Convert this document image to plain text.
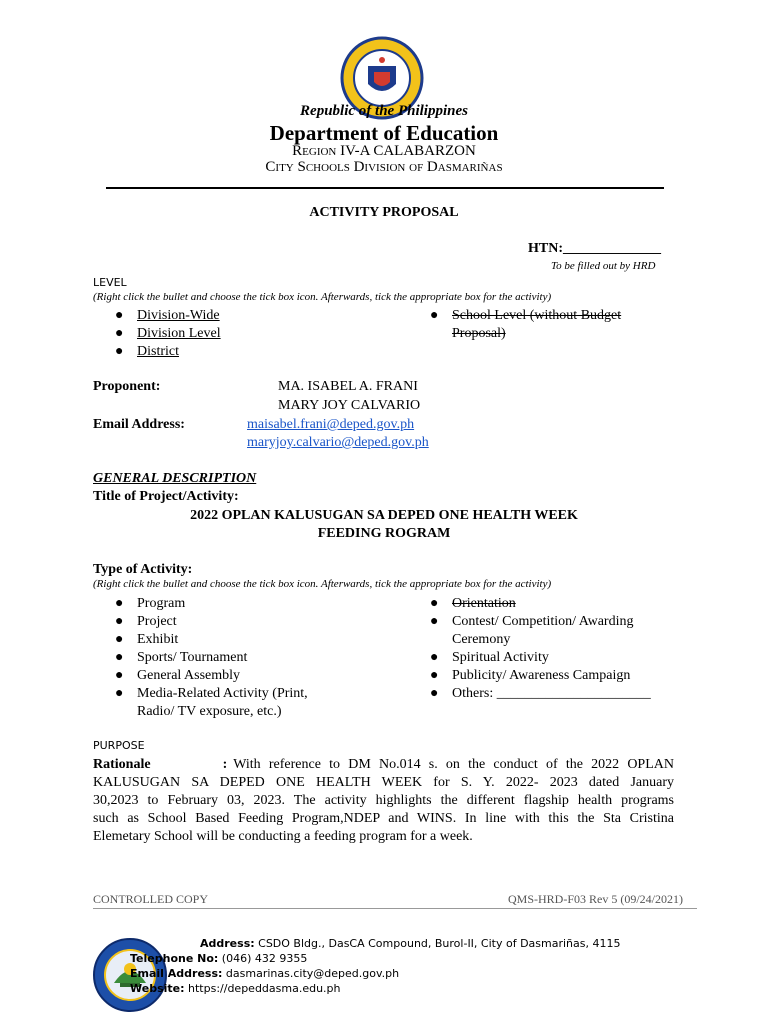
Republic of the Philippines
Department of Education
Region IV-A CALABARZON
City Schools Division of Dasmariñas
ACTIVITY PROPOSAL
HTN:______________
To be filled out by HRD
LEVEL
(Right click the bullet and choose the tick box icon. Afterwards, tick the appropriate box for the activity)
● Division-Wide
● Division Level
● District
● School Level (without Budget
Proposal)
Proponent:	MA. ISABEL A. FRANI
MARY JOY CALVARIO
Email Address:	maisabel.frani@deped.gov.ph
maryjoy.calvario@deped.gov.ph
GENERAL DESCRIPTION
Title of Project/Activity:
2022 OPLAN KALUSUGAN SA DEPED ONE HEALTH WEEK
FEEDING ROGRAM
Type of Activity:
(Right click the bullet and choose the tick box icon. Afterwards, tick the appropriate box for the activity)
● Program
● Project
● Exhibit
● Sports/ Tournament
● General Assembly
● Media-Related Activity (Print,
Radio/ TV exposure, etc.)
● Orientation
● Contest/ Competition/ Awarding
Ceremony
● Spiritual Activity
● Publicity/ Awareness Campaign
● Others: ______________________
PURPOSE
Rationale	: With reference to DM No.014 s. on the conduct of the 2022 OPLAN
KALUSUGAN SA DEPED ONE HEALTH WEEK for S. Y. 2022- 2023 dated January
30,2023 to February 03, 2023. The activity highlights the different flagship health programs
such as School Based Feeding Program,NDEP and WINS. In line with this the Sta Cristina
Elemetary School will be conducting a feeding program for a week.
CONTROLLED COPY	QMS-HRD-F03 Rev 5 (09/24/2021)
Address: CSDO Bldg., DasCA Compound, Burol-II, City of Dasmariñas, 4115
Telephone No: (046) 432 9355
Email Address: dasmarinas.city@deped.gov.ph
Website: https://depeddasma.edu.ph
